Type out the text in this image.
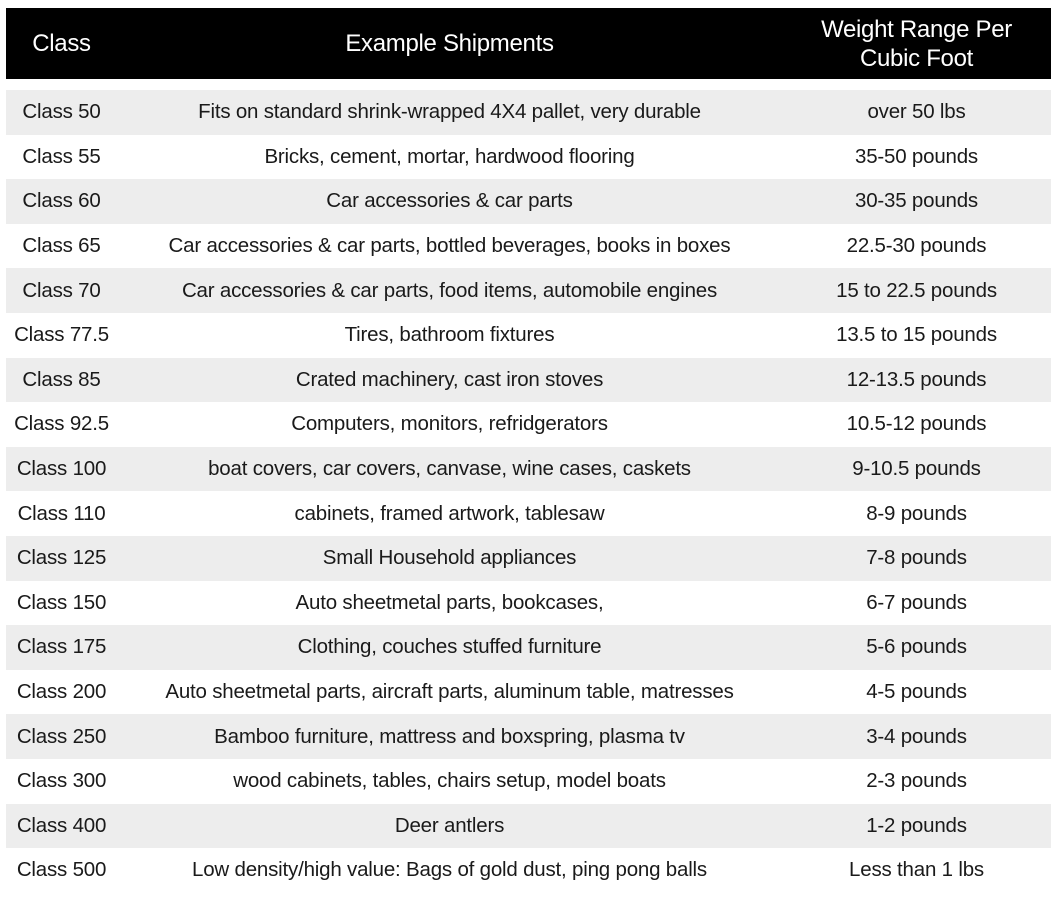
Class	Example Shipments	Weight Range Per
Cubic Foot

Class 50	Fits on standard shrink-wrapped 4X4 pallet, very durable	over 50 lbs
Class 55	Bricks, cement, mortar, hardwood flooring	35-50 pounds
Class 60	Car accessories & car parts	30-35 pounds
Class 65	Car accessories & car parts, bottled beverages, books in boxes	22.5-30 pounds
Class 70	Car accessories & car parts, food items, automobile engines	15 to 22.5 pounds
Class 77.5	Tires, bathroom fixtures	13.5 to 15 pounds
Class 85	Crated machinery, cast iron stoves	12-13.5 pounds
Class 92.5	Computers, monitors, refridgerators	10.5-12 pounds
Class 100	boat covers, car covers, canvase, wine cases, caskets	9-10.5 pounds
Class 110	cabinets, framed artwork, tablesaw	8-9 pounds
Class 125	Small Household appliances	7-8 pounds
Class 150	Auto sheetmetal parts, bookcases,	6-7 pounds
Class 175	Clothing, couches stuffed furniture	5-6 pounds
Class 200	Auto sheetmetal parts, aircraft parts, aluminum table, matresses	4-5 pounds
Class 250	Bamboo furniture, mattress and boxspring, plasma tv	3-4 pounds
Class 300	wood cabinets, tables, chairs setup, model boats	2-3 pounds
Class 400	Deer antlers	1-2 pounds
Class 500	Low density/high value: Bags of gold dust, ping pong balls	Less than 1 lbs
